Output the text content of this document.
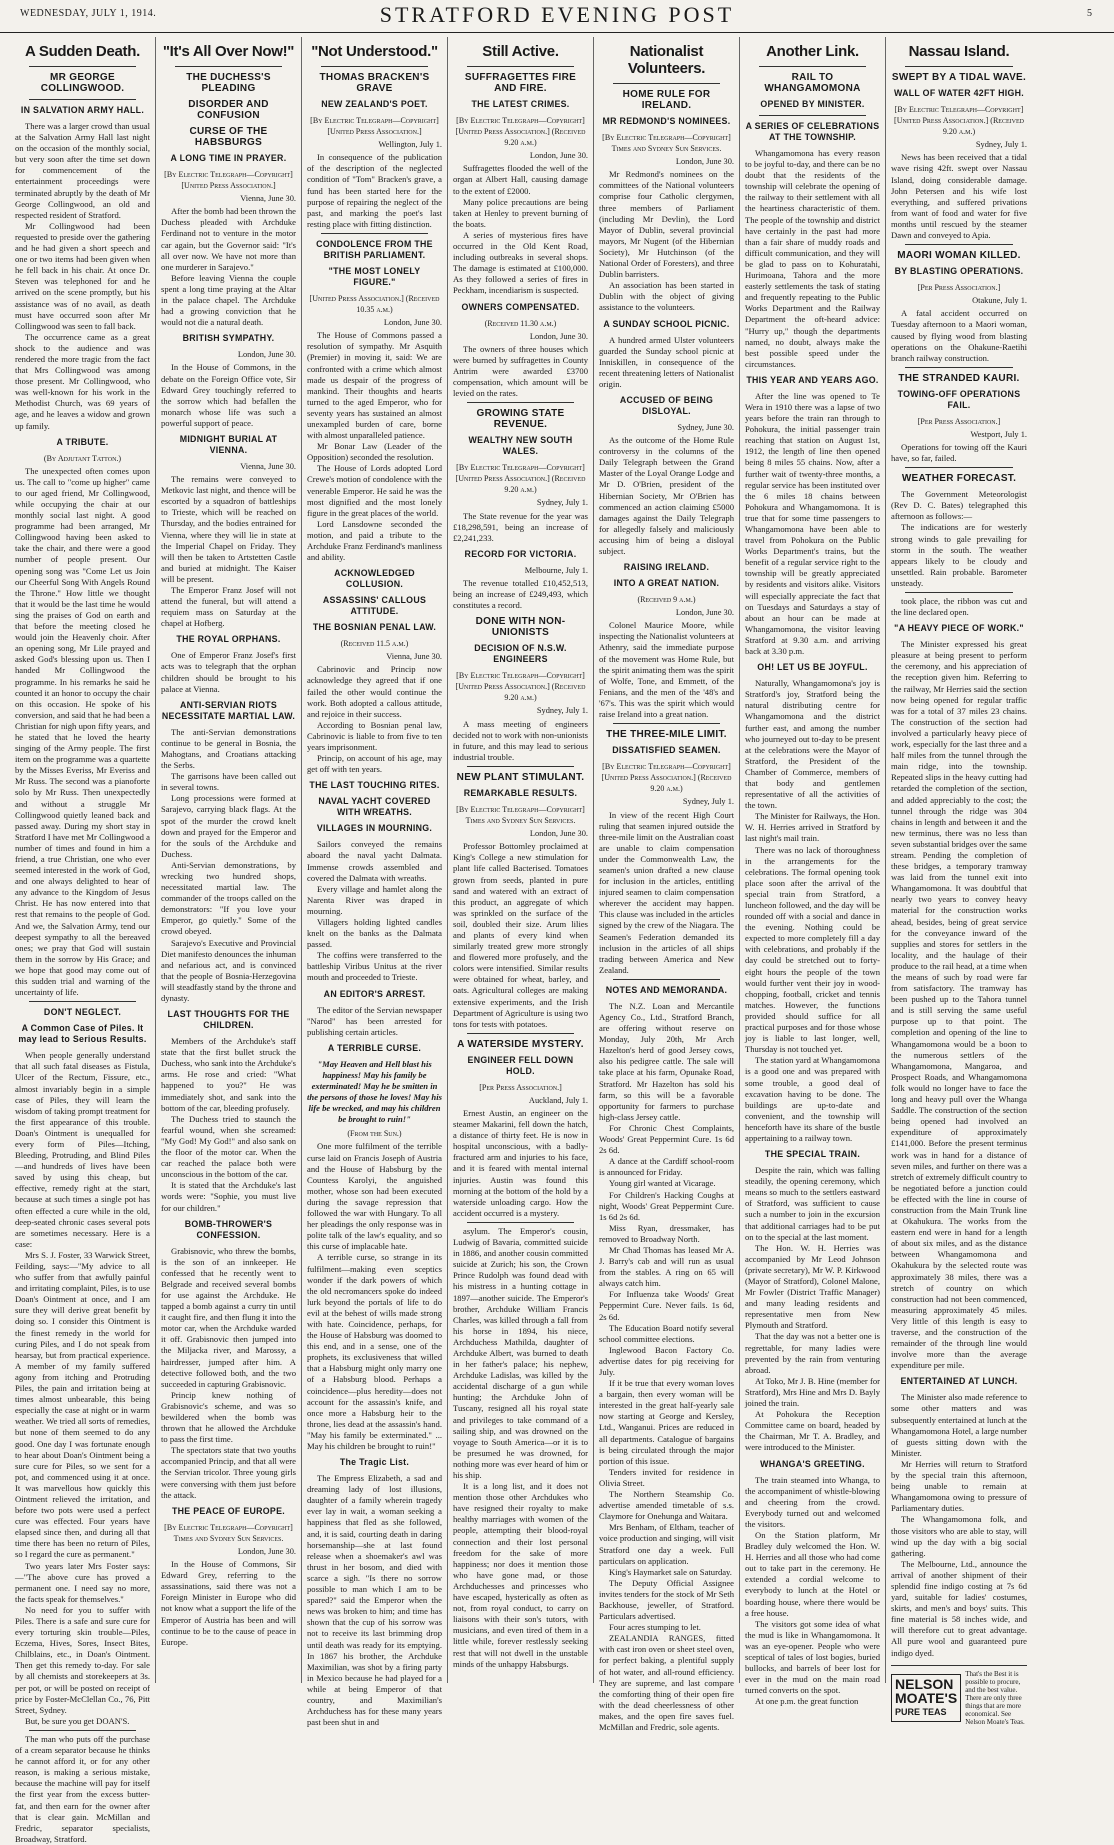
WEDNESDAY, JULY 1, 1914.	STRATFORD EVENING POST	5
A Sudden Death.
MR GEORGE COLLINGWOOD.
IN SALVATION ARMY HALL.

There was a larger crowd than usual at the Salvation Army Hall last night on the occasion of the monthly social, but very soon after the time set down for commencement of the entertainment proceedings were terminated abruptly by the death of Mr George Collingwood, an old and respected resident of Stratford.

Mr Collingwood had been requested to preside over the gathering and he had given a short speech and one or two items had been given when he fell back in his chair. At once Dr. Steven was telephoned for and he arrived on the scene promptly, but his assistance was of no avail, as death must have occurred soon after Mr Collingwood was seen to fall back.

The occurrence came as a great shock to the audience and was rendered the more tragic from the fact that Mrs Collingwood was among those present. Mr Collingwood, who was well-known for his work in the Methodist Church, was 69 years of age, and he leaves a widow and grown up family.

A TRIBUTE.
(By Adjutant Tatton.)

The unexpected often comes upon us. The call to "come up higher" came to our aged friend, Mr Collingwood, while occupying the chair at our monthly social last night. A good programme had been arranged, Mr Collingwood having been asked to take the chair, and there were a good number of people present. Our opening song was "Come Let us Join our Cheerful Song With Angels Round the Throne." How little we thought that it would be the last time he would sing the praises of God on earth and that before the meeting closed he would join the Heavenly choir. After an opening song, Mr Lile prayed and asked God's blessing upon us. Then I handed Mr Collingwood the programme. In his remarks he said he counted it an honor to occupy the chair on this occasion. He spoke of his conversion, and said that he had been a Christian for nigh upon fifty years, and he stated that he loved the hearty singing of the Army people. The first item on the programme was a quartette by the Misses Everiss, Mr Everiss and Mr Russ. The second was a pianoforte solo by Mr Russ. Then unexpectedly and without a struggle Mr Collingwood quietly leaned back and passed away. During my short stay in Stratford I have met Mr Collingwood a number of times and found in him a friend, a true Christian, one who ever seemed interested in the work of God, and one always delighted to hear of any advance to the Kingdom of Jesus Christ. He has now entered into that rest that remains to the people of God. And we, the Salvation Army, tend our deepest sympathy to all the bereaved ones; we pray that God will sustain them in the sorrow by His Grace; and we hope that good may come out of this sudden trial and warning of the uncertainty of life.

DON'T NEGLECT.
A Common Case of Piles. It may lead to Serious Results.

When people generally understand that all such fatal diseases as Fistula, Ulcer of the Rectum, Fissure, etc., almost invariably begin in a simple case of Piles, they will learn the wisdom of taking prompt treatment for the first appearance of this trouble. Doan's Ointment is unequalled for every form of Piles—Itching, Bleeding, Protruding, and Blind Piles—and hundreds of lives have been saved by using this cheap, but effective, remedy right at the start, because at such times a single pot has often effected a cure while in the old, deep-seated chronic cases several pots are sometimes necessary. Here is a case:

Mrs S. J. Foster, 33 Warwick Street, Feilding, says:—"My advice to all who suffer from that awfully painful and irritating complaint, Piles, is to use Doan's Ointment at once, and I am sure they will derive great benefit by doing so. I consider this Ointment is the finest remedy in the world for curing Piles, and I do not speak from hearsay, but from practical experience. A member of my family suffered agony from itching and Protruding Piles, the pain and irritation being at times almost unbearable, this being especially the case at night or in warm weather. We tried all sorts of remedies, but none of them seemed to do any good. One day I was fortunate enough to hear about Doan's Ointment being a sure cure for Piles, so we sent for a pot, and commenced using it at once. It was marvellous how quickly this Ointment relieved the irritation, and before two pots were used a perfect cure was effected. Four years have elapsed since then, and during all that time there has been no return of Piles, so I regard the cure as permanent."

Two years later Mrs Foster says:—"The above cure has proved a permanent one. I need say no more, the facts speak for themselves."

No need for you to suffer with Piles. There is a safe and sure cure for every torturing skin trouble—Piles, Eczema, Hives, Sores, Insect Bites, Chilblains, etc., in Doan's Ointment. Then get this remedy to-day. For sale by all chemists and storekeepers at 3s. per pot, or will be posted on receipt of price by Foster-McClellan Co., 76, Pitt Street, Sydney.

But, be sure you get DOAN'S.

The man who puts off the purchase of a cream separator because he thinks he cannot afford it, or for any other reason, is making a serious mistake, because the machine will pay for itself the first year from the excess butter-fat, and then earn for the owner after that is clear gain. McMillan and Fredric, separator specialists, Broadway, Stratford.

"It's All Over Now!"
THE DUCHESS'S PLEADING
DISORDER AND CONFUSION
CURSE OF THE HABSBURGS
A LONG TIME IN PRAYER.
[By Electric Telegraph—Copyright] [United Press Association.]
Vienna, June 30.

After the bomb had been thrown the Duchess pleaded with Archduke Ferdinand not to venture in the motor car again, but the Governor said: "It's all over now. We have not more than one murderer in Sarajevo."

Before leaving Vienna the couple spent a long time praying at the Altar in the palace chapel. The Archduke had a growing conviction that he would not die a natural death.

BRITISH SYMPATHY.
London, June 30.

In the House of Commons, in the debate on the Foreign Office vote, Sir Edward Grey touchingly referred to the sorrow which had befallen the monarch whose life was such a powerful support of peace.

MIDNIGHT BURIAL AT VIENNA.
Vienna, June 30.

The remains were conveyed to Metkovic last night, and thence will be escorted by a squadron of battleships to Trieste, which will be reached on Thursday, and the bodies entrained for Vienna, where they will lie in state at the Imperial Chapel on Friday. They will then be taken to Artstetten Castle and buried at midnight. The Kaiser will be present.

The Emperor Franz Josef will not attend the funeral, but will attend a requiem mass on Saturday at the chapel at Hofberg.

THE ROYAL ORPHANS.

One of Emperor Franz Josef's first acts was to telegraph that the orphan children should be brought to his palace at Vienna.

ANTI-SERVIAN RIOTS NECESSITATE MARTIAL LAW.

The anti-Servian demonstrations continue to be general in Bosnia, the Mahogtans, and Croatians attacking the Serbs.

The garrisons have been called out in several towns.

Long processions were formed at Sarajevo, carrying black flags. At the spot of the murder the crowd knelt down and prayed for the Emperor and for the souls of the Archduke and Duchess.

Anti-Servian demonstrations, by wrecking two hundred shops, necessitated martial law. The commander of the troops called on the demonstrators: "If you love your Emperor, go quietly." Some of the crowd obeyed.

Sarajevo's Executive and Provincial Diet manifesto denounces the inhuman and nefarious act, and is convinced that the people of Bosnia-Herzegovina will steadfastly stand by the throne and dynasty.

LAST THOUGHTS FOR THE CHILDREN.

Members of the Archduke's staff state that the first bullet struck the Duchess, who sank into the Archduke's arms. He rose and cried: "What happened to you?" He was immediately shot, and sank into the bottom of the car, bleeding profusely.

The Duchess tried to staunch the fearful wound, when she screamed: "My God! My God!" and also sank on the floor of the motor car. When the car reached the palace both were unconscious in the bottom of the car.

It is stated that the Archduke's last words were: "Sophie, you must live for our children."

BOMB-THROWER'S CONFESSION.

Grabisnovic, who threw the bombs, is the son of an innkeeper. He confessed that he recently went to Belgrade and received several bombs for use against the Archduke. He tapped a bomb against a curry tin until it caught fire, and then flung it into the motor car, when the Archduke warded it off. Grabisnovic then jumped into the Miljacka river, and Marossy, a hairdresser, jumped after him. A detective followed both, and the two succeeded in capturing Grabisnovic.

Princip knew nothing of Grabisnovic's scheme, and was so bewildered when the bomb was thrown that he allowed the Archduke to pass the first time.

The spectators state that two youths accompanied Princip, and that all were the Servian tricolor. Three young girls were conversing with them just before the attack.

THE PEACE OF EUROPE.
[By Electric Telegraph—Copyright] Times and Sydney Sun Services.
London, June 30.

In the House of Commons, Sir Edward Grey, referring to the assassinations, said there was not a Foreign Minister in Europe who did not know what a support the life of the Emperor of Austria has been and will continue to be to the cause of peace in Europe.

"Not Understood."
THOMAS BRACKEN'S GRAVE
NEW ZEALAND'S POET.
[By Electric Telegraph—Copyright] [United Press Association.]
Wellington, July 1.

In consequence of the publication of the description of the neglected condition of "Tom" Bracken's grave, a fund has been started here for the purpose of repairing the neglect of the past, and marking the poet's last resting place with fitting distinction.

CONDOLENCE FROM THE BRITISH PARLIAMENT.
"THE MOST LONELY FIGURE."
[United Press Association.] (Received 10.35 a.m.)
London, June 30.

The House of Commons passed a resolution of sympathy. Mr Asquith (Premier) in moving it, said: We are confronted with a crime which almost made us despair of the progress of mankind. Their thoughts and hearts turned to the aged Emperor, who for seventy years has sustained an almost unexampled burden of care, borne with almost unparalleled patience.

Mr Bonar Law (Leader of the Opposition) seconded the resolution.

The House of Lords adopted Lord Crewe's motion of condolence with the venerable Emperor. He said he was the most dignified and the most lonely figure in the great places of the world.

Lord Lansdowne seconded the motion, and paid a tribute to the Archduke Franz Ferdinand's manliness and ability.

ACKNOWLEDGED COLLUSION.
ASSASSINS' CALLOUS ATTITUDE.
THE BOSNIAN PENAL LAW.
(Received 11.5 a.m.)
Vienna, June 30.

Cabrinovic and Princip now acknowledge they agreed that if one failed the other would continue the work. Both adopted a callous attitude, and rejoice in their success.

According to Bosnian penal law, Cabrinovic is liable to from five to ten years imprisonment.

Princip, on account of his age, may get off with ten years.

THE LAST TOUCHING RITES.
NAVAL YACHT COVERED WITH WREATHS.
VILLAGES IN MOURNING.

Sailors conveyed the remains aboard the naval yacht Dalmata. Immense crowds assembled and covered the Dalmata with wreaths.

Every village and hamlet along the Narenta River was draped in mourning.

Villagers holding lighted candles knelt on the banks as the Dalmata passed.

The coffins were transferred to the battleship Viribus Unitus at the river mouth and proceeded to Trieste.

AN EDITOR'S ARREST.

The editor of the Servian newspaper "Narod" has been arrested for publishing certain articles.

A TERRIBLE CURSE.

"May Heaven and Hell blast his happiness! May his family be exterminated! May he be smitten in the persons of those he loves! May his life be wrecked, and may his children be brought to ruin!"

(From the Sun.)

One more fulfilment of the terrible curse laid on Francis Joseph of Austria and the House of Habsburg by the Countess Karolyi, the anguished mother, whose son had been executed during the savage repression that followed the war with Hungary. To all her pleadings the only response was in polite talk of the law's equality, and so this curse of implacable hate.

A terrible curse, so strange in its fulfilment—making even sceptics wonder if the dark powers of which the old necromancers spoke do indeed lurk beyond the portals of life to do evil at the behest of wills made strong with hate. Coincidence, perhaps, for the House of Habsburg was doomed to this end, and in a sense, one of the prophets, its exclusiveness that willed that a Habsburg might only marry one of a Habsburg blood. Perhaps a coincidence—plus heredity—does not account for the assassin's knife, and once more a Habsburg heir to the throne, lies dead at the assassin's hand. "May his family be exterminated." ... May his children be brought to ruin!"

The Tragic List.

The Empress Elizabeth, a sad and dreaming lady of lost illusions, daughter of a family wherein tragedy ever lay in wait, a woman seeking a happiness that fled as she followed, and, it is said, courting death in daring horsemanship—she at last found release when a shoemaker's awl was thrust in her bosom, and died with scarce a sigh. "Is there no sorrow possible to man which I am to be spared?" said the Emperor when the news was broken to him; and time has shown that the cup of his sorrow was not to receive its last brimming drop until death was ready for its emptying. In 1867 his brother, the Archduke Maximilian, was shot by a firing party in Mexico because he had played for a while at being Emperor of that country, and Maximilian's Archduchess has for these many years past been shut in and

Still Active.
SUFFRAGETTES FIRE AND FIRE.
THE LATEST CRIMES.
[By Electric Telegraph—Copyright] [United Press Association.] (Received 9.20 a.m.)
London, June 30.

Suffragettes flooded the well of the organ at Albert Hall, causing damage to the extent of £2000.

Many police precautions are being taken at Henley to prevent burning of the boats.

A series of mysterious fires have occurred in the Old Kent Road, including outbreaks in several shops. The damage is estimated at £100,000. As they followed a series of fires in Peckham, incendiarism is suspected.

OWNERS COMPENSATED.
(Received 11.30 a.m.)
London, June 30.

The owners of three houses which were burned by suffragettes in County Antrim were awarded £3700 compensation, which amount will be levied on the rates.

GROWING STATE REVENUE.
WEALTHY NEW SOUTH WALES.
[By Electric Telegraph—Copyright] [United Press Association.] (Received 9.20 a.m.)
Sydney, July 1.

The State revenue for the year was £18,298,591, being an increase of £2,241,233.

RECORD FOR VICTORIA.
Melbourne, July 1.

The revenue totalled £10,452,513, being an increase of £249,493, which constitutes a record.

DONE WITH NON-UNIONISTS
DECISION OF N.S.W. ENGINEERS
[By Electric Telegraph—Copyright] [United Press Association.] (Received 9.20 a.m.)
Sydney, July 1.

A mass meeting of engineers decided not to work with non-unionists in future, and this may lead to serious industrial trouble.

NEW PLANT STIMULANT.
REMARKABLE RESULTS.
[By Electric Telegraph—Copyright] Times and Sydney Sun Services.
London, June 30.

Professor Bottomley proclaimed at King's College a new stimulation for plant life called Bacterised. Tomatoes grown from seeds, planted in pure sand and watered with an extract of this product, an aggregate of which was sprinkled on the surface of the soil, doubled their size. Arum lilies and plants of every kind when similarly treated grew more strongly and flowered more profusely, and the colors were intensified. Similar results were obtained for wheat, barley, and oats. Agricultural colleges are making extensive experiments, and the Irish Department of Agriculture is using two tons for tests with potatoes.

A WATERSIDE MYSTERY.
ENGINEER FELL DOWN HOLD.
[Per Press Association.]
Auckland, July 1.

Ernest Austin, an engineer on the steamer Makarini, fell down the hatch, a distance of thirty feet. He is now in hospital unconscious, with a badly-fractured arm and injuries to his face, and it is feared with mental internal injuries. Austin was found this morning at the bottom of the hold by a waterside unloading cargo. How the accident occurred is a mystery.

asylum. The Emperor's cousin, Ludwig of Bavaria, committed suicide in 1886, and another cousin committed suicide at Zurich; his son, the Crown Prince Rudolph was found dead with his mistress in a hunting cottage in 1897—another suicide. The Emperor's brother, Archduke William Francis Charles, was killed through a fall from his horse in 1894, his niece, Archduchess Mathilda, daughter of Archduke Albert, was burned to death in her father's palace; his nephew, Archduke Ladislas, was killed by the accidental discharge of a gun while hunting; the Archduke John of Tuscany, resigned all his royal state and privileges to take command of a sailing ship, and was drowned on the voyage to South America—or it is to be presumed he was drowned, for nothing more was ever heard of him or his ship.

It is a long list, and it does not mention those other Archdukes who have resigned their royalty to make healthy marriages with women of the people, attempting their blood-royal connection and their lost personal freedom for the sake of more happiness; nor does it mention those who have gone mad, or those Archduchesses and princesses who have escaped, hysterically as often as not, from royal conduct, to carry on liaisons with their son's tutors, with musicians, and even tired of them in a little while, forever restlessly seeking rest that will not dwell in the unstable minds of the unhappy Habsburgs.

Nationalist Volunteers.
HOME RULE FOR IRELAND.
MR REDMOND'S NOMINEES.
[By Electric Telegraph—Copyright] Times and Sydney Sun Services.
London, June 30.

Mr Redmond's nominees on the committees of the National volunteers comprise four Catholic clergymen, three members of Parliament (including Mr Devlin), the Lord Mayor of Dublin, several provincial mayors, Mr Nugent (of the Hibernian Society), Mr Hutchinson (of the National Order of Foresters), and three Dublin barristers.

An association has been started in Dublin with the object of giving assistance to the volunteers.

A SUNDAY SCHOOL PICNIC.

A hundred armed Ulster volunteers guarded the Sunday school picnic at Inniskillen, in consequence of the recent threatening letters of Nationalist origin.

ACCUSED OF BEING DISLOYAL.
Sydney, June 30.

As the outcome of the Home Rule controversy in the columns of the Daily Telegraph between the Grand Master of the Loyal Orange Lodge and Mr D. O'Brien, president of the Hibernian Society, Mr O'Brien has commenced an action claiming £5000 damages against the Daily Telegraph for allegedly falsely and maliciously accusing him of being a disloyal subject.

RAISING IRELAND.
INTO A GREAT NATION.
(Received 9 a.m.)
London, June 30.

Colonel Maurice Moore, while inspecting the Nationalist volunteers at Athenry, said the immediate purpose of the movement was Home Rule, but the spirit animating them was the spirit of Wolfe, Tone, and Emmett, of the Fenians, and the men of the '48's and '67's. This was the spirit which would raise Ireland into a great nation.

THE THREE-MILE LIMIT.
DISSATISFIED SEAMEN.
[By Electric Telegraph—Copyright] [United Press Association.] (Received 9.20 a.m.)
Sydney, July 1.

In view of the recent High Court ruling that seamen injured outside the three-mile limit on the Australian coast are unable to claim compensation under the Commonwealth Law, the seamen's union drafted a new clause for inclusion in the articles, entitling injured seamen to claim compensation wherever the accident may happen. This clause was included in the articles signed by the crew of the Niagara. The Seamen's Federation demanded its inclusion in the articles of all ships trading between America and New Zealand.

NOTES AND MEMORANDA.

The N.Z. Loan and Mercantile Agency Co., Ltd., Stratford Branch, are offering without reserve on Monday, July 20th, Mr Arch Hazelton's herd of good Jersey cows, also his pedigree cattle. The sale will take place at his farm, Opunake Road, Stratford. Mr Hazelton has sold his farm, so this will be a favorable opportunity for farmers to purchase high-class Jersey cattle.

For Chronic Chest Complaints, Woods' Great Peppermint Cure. 1s 6d 2s 6d.

A dance at the Cardiff school-room is announced for Friday.

Young girl wanted at Vicarage.

For Children's Hacking Coughs at night, Woods' Great Peppermint Cure. 1s 6d 2s 6d.

Miss Ryan, dressmaker, has removed to Broadway North.

Mr Chad Thomas has leased Mr A. J. Barry's cab and will run as usual from the stables. A ring on 65 will always catch him.

For Influenza take Woods' Great Peppermint Cure. Never fails. 1s 6d, 2s 6d.

The Education Board notify several school committee elections.

Inglewood Bacon Factory Co. advertise dates for pig receiving for July.

If it be true that every woman loves a bargain, then every woman will be interested in the great half-yearly sale now starting at George and Kersley, Ltd., Wanganui. Prices are reduced in all departments. Catalogue of bargains is being circulated through the major portion of this issue.

Tenders invited for residence in Olivia Street.

The Northern Steamship Co. advertise amended timetable of s.s. Claymore for Onehunga and Waitara.

Mrs Benham, of Eltham, teacher of voice production and singing, will visit Stratford one day a week. Full particulars on application.

King's Haymarket sale on Saturday.

The Deputy Official Assignee invites tenders for the stock of Mr Seth Backhouse, jeweller, of Stratford. Particulars advertised.

Four acres stumping to let.

ZEALANDIA RANGES, fitted with cast iron oven or sheet steel oven, for perfect baking, a plentiful supply of hot water, and all-round efficiency. They are supreme, and last compare the comforting thing of their open fire with the dead cheerlessness of other makes, and the open fire saves fuel. McMillan and Fredric, sole agents.

Another Link.
RAIL TO WHANGAMOMONA
OPENED BY MINISTER.
A SERIES OF CELEBRATIONS AT THE TOWNSHIP.

Whangamomona has every reason to be joyful to-day, and there can be no doubt that the residents of the township will celebrate the opening of the railway to their settlement with all the heartiness characteristic of them. The people of the township and district have certainly in the past had more than a fair share of muddy roads and difficult communication, and they will be glad to pass on to Kohuratahi, Hurimoana, Tahora and the more easterly settlements the task of stating and frequently repeating to the Public Works Department and the Railway Department the oft-heard advice: "Hurry up," though the departments named, no doubt, always make the best possible speed under the circumstances.

THIS YEAR AND YEARS AGO.

After the line was opened to Te Wera in 1910 there was a lapse of two years before the train ran through to Pohokura, the initial passenger train reaching that station on August 1st, 1912, the length of line then opened being 8 miles 55 chains. Now, after a further wait of twenty-three months, a regular service has been instituted over the 6 miles 18 chains between Pohokura and Whangamomona. It is true that for some time passengers to Whangamomona have been able to travel from Pohokura on the Public Works Department's trains, but the benefit of a regular service right to the township will be greatly appreciated by residents and visitors alike. Visitors will especially appreciate the fact that on Tuesdays and Saturdays a stay of about an hour can be made at Whangamomona, the visitor leaving Stratford at 9.30 a.m. and arriving back at 3.30 p.m.

OH! LET US BE JOYFUL.

Naturally, Whangamomona's joy is Stratford's joy, Stratford being the natural distributing centre for Whangamomona and the district further east, and among the number who journeyed out to-day to be present at the celebrations were the Mayor of Stratford, the President of the Chamber of Commerce, members of that body and gentlemen representative of all the activities of the town.

The Minister for Railways, the Hon. W. H. Herries arrived in Stratford by last night's mail train.

There was no lack of thoroughness in the arrangements for the celebrations. The formal opening took place soon after the arrival of the special train from Stratford, a luncheon followed, and the day will be rounded off with a social and dance in the evening. Nothing could be expected to more completely fill a day with celebrations, and probably if the day could be stretched out to forty-eight hours the people of the town would further vent their joy in wood-chopping, football, cricket and tennis matches. However, the functions provided should suffice for all practical purposes and for those whose joy is liable to last longer, well, Thursday is not touched yet.

The station yard at Whangamomona is a good one and was prepared with some trouble, a good deal of excavation having to be done. The buildings are up-to-date and convenient, and the township will henceforth have its share of the bustle appertaining to a railway town.

THE SPECIAL TRAIN.

Despite the rain, which was falling steadily, the opening ceremony, which means so much to the settlers eastward of Stratford, was sufficient to cause such a number to join in the excursion that additional carriages had to be put on to the special at the last moment.

The Hon. W. H. Herries was accompanied by Mr Leod Johnson (private secretary), Mr W. P. Kirkwood (Mayor of Stratford), Colonel Malone, Mr Fowler (District Traffic Manager) and many leading residents and representative men from New Plymouth and Stratford.

That the day was not a better one is regrettable, for many ladies were prevented by the rain from venturing abroad.

At Toko, Mr J. B. Hine (member for Stratford), Mrs Hine and Mrs D. Bayly joined the train.

At Pohokura the Reception Committee came on board, headed by the Chairman, Mr T. A. Bradley, and were introduced to the Minister.

WHANGA'S GREETING.

The train steamed into Whanga, to the accompaniment of whistle-blowing and cheering from the crowd. Everybody turned out and welcomed the visitors.

On the Station platform, Mr Bradley duly welcomed the Hon. W. H. Herries and all those who had come out to take part in the ceremony. He extended a cordial welcome to everybody to lunch at the Hotel or boarding house, where there would be a free house.

The visitors got some idea of what the mud is like in Whangamomona. It was an eye-opener. People who were sceptical of tales of lost bogies, buried bullocks, and barrels of beer lost for ever in the mud on the main road turned converts on the spot.

At one p.m. the great function

Nassau Island.
SWEPT BY A TIDAL WAVE.
WALL OF WATER 42FT HIGH.
[By Electric Telegraph—Copyright] [United Press Association.] (Received 9.20 a.m.)
Sydney, July 1.

News has been received that a tidal wave rising 42ft. swept over Nassau Island, doing considerable damage. John Petersen and his wife lost everything, and suffered privations from want of food and water for five months until rescued by the steamer Dawn and conveyed to Apia.

MAORI WOMAN KILLED.
BY BLASTING OPERATIONS.
[Per Press Association.]
Otakune, July 1.

A fatal accident occurred on Tuesday afternoon to a Maori woman, caused by flying wood from blasting operations on the Ohakune-Raetihi branch railway construction.

THE STRANDED KAURI.
TOWING-OFF OPERATIONS FAIL.
[Per Press Association.]
Westport, July 1.

Operations for towing off the Kauri have, so far, failed.

WEATHER FORECAST.

The Government Meteorologist (Rev D. C. Bates) telegraphed this afternoon as follows:—

The indications are for westerly strong winds to gale prevailing for storm in the south. The weather appears likely to be cloudy and unsettled. Rain probable. Barometer unsteady.

took place, the ribbon was cut and the line declared open.

"A HEAVY PIECE OF WORK."

The Minister expressed his great pleasure at being present to perform the ceremony, and his appreciation of the reception given him. Referring to the railway, Mr Herries said the section now being opened for regular traffic was for a total of 37 miles 23 chains. The construction of the section had involved a particularly heavy piece of work, especially for the last three and a half miles from the tunnel through the main ridge, into the township. Repeated slips in the heavy cutting had retarded the completion of the section, and added appreciably to the cost; the tunnel through the ridge was 304 chains in length and between it and the new terminus, there was no less than seven substantial bridges over the same stream. Pending the completion of these bridges, a temporary tramway was laid from the tunnel exit into Whangamomona. It was doubtful that nearly two years to convey heavy material for the construction works ahead, besides, being of great service for the conveyance inward of the supplies and stores for settlers in the locality, and the haulage of their produce to the rail head, at a time when the means of such by road were far from satisfactory. The tramway has been pushed up to the Tahora tunnel and is still serving the same useful purpose up to that point. The completion and opening of the line to Whangamomona would be a boon to the numerous settlers of the Whangamomona, Mangaroa, and Prospect Roads, and Whangamomona folk would no longer have to face the long and heavy pull over the Whanga Saddle. The construction of the section being opened had involved an expenditure of approximately £141,000. Before the present terminus work was in hand for a distance of seven miles, and further on there was a stretch of extremely difficult country to be negotiated before a junction could be effected with the line in course of construction from the Main Trunk line at Okahukura. The works from the eastern end were in hand for a length of about six miles, and as the distance between Whangamomona and Okahukura by the selected route was approximately 38 miles, there was a stretch of country on which construction had not been commenced, measuring approximately 45 miles. Very little of this length is easy to traverse, and the construction of the remainder of the through line would involve more than the average expenditure per mile.

ENTERTAINED AT LUNCH.

The Minister also made reference to some other matters and was subsequently entertained at lunch at the Whangamomona Hotel, a large number of guests sitting down with the Minister.

Mr Herries will return to Stratford by the special train this afternoon, being unable to remain at Whangamomona owing to pressure of Parliamentary duties.

The Whangamomona folk, and those visitors who are able to stay, will wind up the day with a big social gathering.

The Melbourne, Ltd., announce the arrival of another shipment of their splendid fine indigo costing at 7s 6d yard, suitable for ladies' costumes, skirts, and men's and boys' suits. This fine material is 58 inches wide, and will therefore cut to great advantage. All pure wool and guaranteed pure indigo dyed.

NELSON
MOATE'S
PURE TEAS
That's the Best it is possible to procure, and the best value. There are only three things that are more economical. See Nelson Moate's Teas.
